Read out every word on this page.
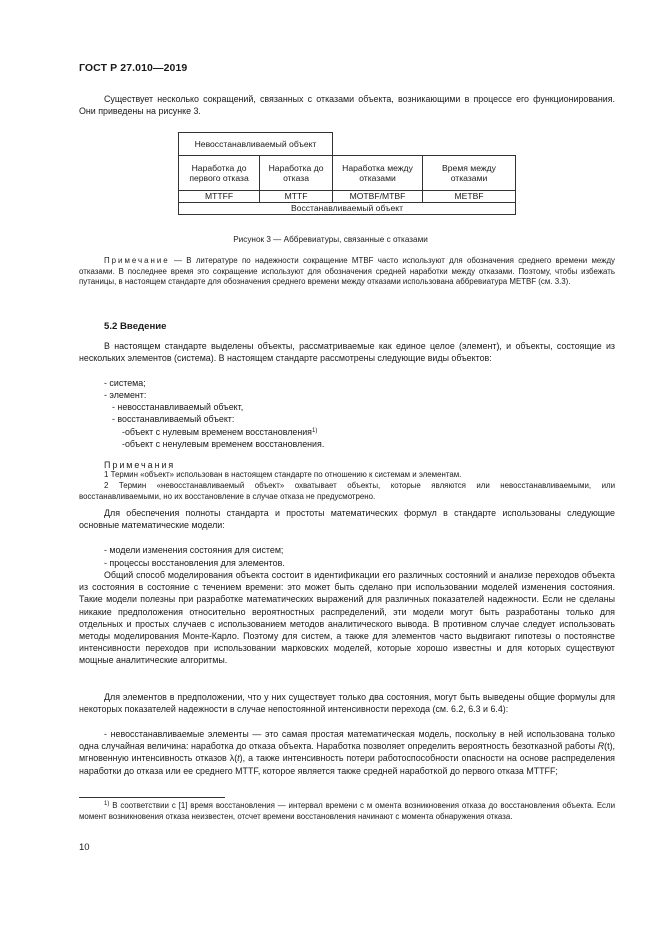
ГОСТ Р 27.010—2019
Существует несколько сокращений, связанных с отказами объекта, возникающими в процессе его функционирования. Они приведены на рисунке 3.
Невосстанавливаемый объект			
Наработка до первого отказа	Наработка до отказа	Наработка между отказами	Время между отказами
MTTFF	MTTF	MOTBF/MTBF	METBF
Восстанавливаемый объект			
Рисунок 3 — Аббревиатуры, связанные с отказами
Примечание — В литературе по надежности сокращение MTBF часто используют для обозначения среднего времени между отказами. В последнее время это сокращение используют для обозначения средней наработки между отказами. Поэтому, чтобы избежать путаницы, в настоящем стандарте для обозначения среднего времени между отказами использована аббревиатура METBF (см. 3.3).
5.2 Введение
В настоящем стандарте выделены объекты, рассматриваемые как единое целое (элемент), и объекты, состоящие из нескольких элементов (система). В настоящем стандарте рассмотрены следующие виды объектов:
- система;
- элемент:
- невосстанавливаемый объект,
- восстанавливаемый объект:
-объект с нулевым временем восстановления$^{1)}$
-объект с ненулевым временем восстановления.
Примечания
1 Термин «объект» использован в настоящем стандарте по отношению к системам и элементам.
2 Термин «невосстанавливаемый объект» охватывает объекты, которые являются или невосстанавливаемыми, или восстанавливаемыми, но их восстановление в случае отказа не предусмотрено.
Для обеспечения полноты стандарта и простоты математических формул в стандарте использованы следующие основные математические модели:
- модели изменения состояния для систем;
- процессы восстановления для элементов.
Общий способ моделирования объекта состоит в идентификации его различных состояний и анализе переходов объекта из состояния в состояние с течением времени: это может быть сделано при использовании моделей изменения состояния. Такие модели полезны при разработке математических выражений для различных показателей надежности. Если не сделаны никакие предположения относительно вероятностных распределений, эти модели могут быть разработаны только для отдельных и простых случаев с использованием методов аналитического вывода. В противном случае следует использовать методы моделирования Монте-Карло. Поэтому для систем, а также для элементов часто выдвигают гипотезы о постоянстве интенсивности переходов при использовании марковских моделей, которые хорошо известны и для которых существуют мощные аналитические алгоритмы.
Для элементов в предположении, что у них существует только два состояния, могут быть выведены общие формулы для некоторых показателей надежности в случае непостоянной интенсивности перехода (см. 6.2, 6.3 и 6.4):
- невосстанавливаемые элементы — это самая простая математическая модель, поскольку в ней использована только одна случайная величина: наработка до отказа объекта. Наработка позволяет определить вероятность безотказной работы R(t), мгновенную интенсивность отказов λ(t), а также интенсивность потери работоспособности опасности на основе распределения наработки до отказа или ее среднего MTTF, которое является также средней наработкой до первого отказа MTTFF;
$^{1)}$ В соответствии с [1] время восстановления — интервал времени с м омента возникновения отказа до восстановления объекта. Если момент возникновения отказа неизвестен, отсчет времени восстановления начинают с момента обнаружения отказа.
10
